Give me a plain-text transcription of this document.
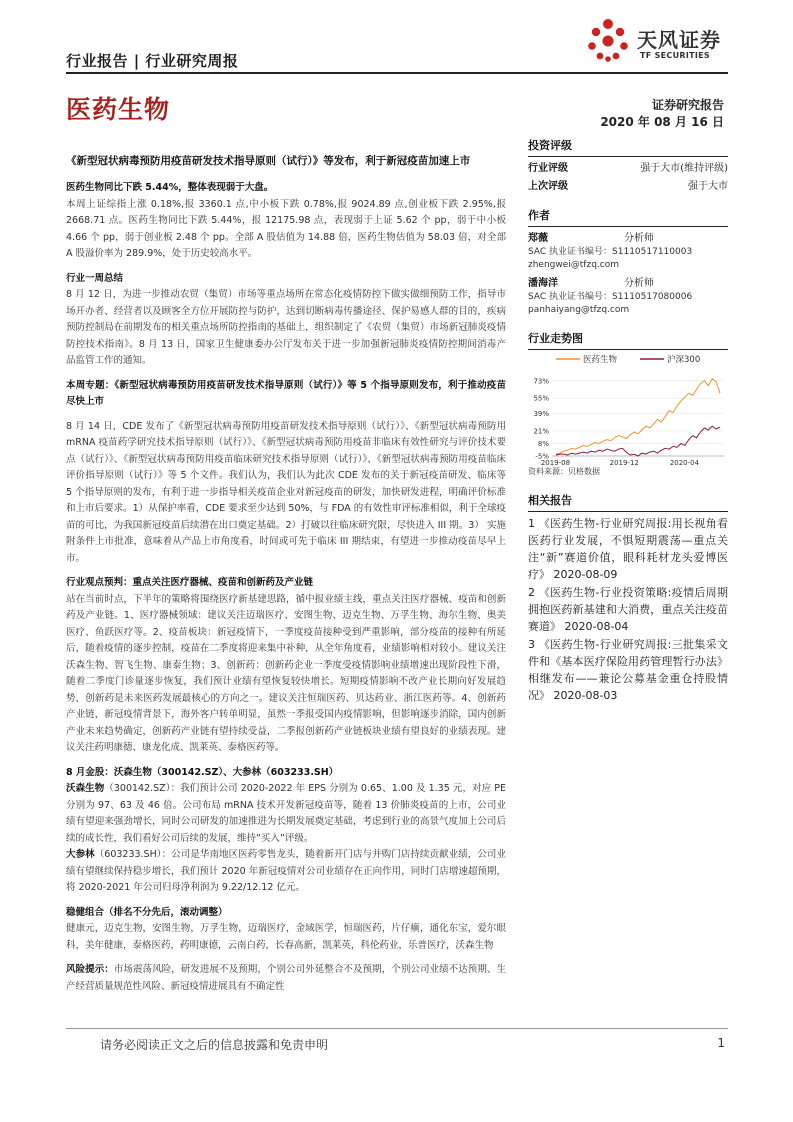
行业报告 | 行业研究周报
天风证券
TF SECURITIES
医药生物	证券研究报告
2020 年 08 月 16 日
《新型冠状病毒预防用疫苗研发技术指导原则（试行）》等发布，利于新冠疫苗加速上市

医药生物同比下跌 5.44%，整体表现弱于大盘。
本周上证综指上涨 0.18%,报 3360.1 点,中小板下跌 0.78%,报 9024.89 点,创业板下跌 2.95%,报 2668.71 点。医药生物同比下跌 5.44%，报 12175.98 点，表现弱于上证 5.62 个 pp，弱于中小板 4.66 个 pp，弱于创业板 2.48 个 pp。全部 A 股估值为 14.88 倍，医药生物估值为 58.03 倍，对全部 A 股溢价率为 289.9%，处于历史较高水平。

行业一周总结
8 月 12 日，为进一步推动农贸（集贸）市场等重点场所在常态化疫情防控下做实做细预防工作，指导市场开办者、经营者以及顾客全方位开展防控与防护，达到切断病毒传播途径、保护易感人群的目的，疾病预防控制局在前期发布的相关重点场所防控指南的基础上，组织制定了《农贸（集贸）市场新冠肺炎疫情防控技术指南》。8 月 13 日，国家卫生健康委办公厅发布关于进一步加强新冠肺炎疫情防控期间消毒产品监管工作的通知。

本周专题：《新型冠状病毒预防用疫苗研发技术指导原则（试行）》等 5 个指导原则发布，利于推动疫苗尽快上市

8 月 14 日，CDE 发布了《新型冠状病毒预防用疫苗研发技术指导原则（试行）》、《新型冠状病毒预防用 mRNA 疫苗药学研究技术指导原则（试行）》、《新型冠状病毒预防用疫苗非临床有效性研究与评价技术要点（试行）》、《新型冠状病毒预防用疫苗临床研究技术指导原则（试行）》、《新型冠状病毒预防用疫苗临床评价指导原则（试行）》等 5 个文件。我们认为，我们认为此次 CDE 发布的关于新冠疫苗研发、临床等 5 个指导原则的发布，有利于进一步指导相关疫苗企业对新冠疫苗的研发，加快研发进程，明确评价标准和上市后要求。1）从保护率看，CDE 要求至少达到 50%，与 FDA 的有效性审评标准相似，利于全球疫苗的可比，为我国新冠疫苗后续潜在出口奠定基础。2）打破以往临床研究限，尽快进入 III 期。3） 实施附条件上市批准，意味着从产品上市角度看，时间或可先于临床 III 期结束，有望进一步推动疫苗尽早上市。

行业观点预判：重点关注医疗器械、疫苗和创新药及产业链
站在当前时点，下半年的策略将围绕医疗新基建思路，循中报业绩主线，重点关注医疗器械、疫苗和创新药及产业链。1、医疗器械领域：建议关注迈瑞医疗、安图生物、迈克生物、万孚生物、海尔生物、奥美医疗、鱼跃医疗等。2、疫苗板块：新冠疫情下，一季度疫苗接种受到严重影响，部分疫苗的接种有所延后，随着疫情的逐步控制，疫苗在二季度将迎来集中补种，从全年角度看，业绩影响相对较小。建议关注沃森生物、智飞生物、康泰生物；3、创新药：创新药企业一季度受疫情影响业绩增速出现阶段性下滑，随着二季度门诊量逐步恢复，我们预计业绩有望恢复较快增长。短期疫情影响不改产业长期向好发展趋势，创新药是未来医药发展最核心的方向之一。建议关注恒瑞医药、贝达药业、浙江医药等。4、创新药产业链，新冠疫情背景下，海外客户转单明显，虽然一季报受国内疫情影响，但影响逐步消除，国内创新产业未来趋势确定，创新药产业链有望持续受益，二季报创新药产业链板块业绩有望良好的业绩表现。建议关注药明康德、康龙化成、凯莱英、泰格医药等。

8 月金股：沃森生物（300142.SZ）、大参林（603233.SH）
沃森生物（300142.SZ）：我们预计公司 2020-2022 年 EPS 分别为 0.65、1.00 及 1.35 元，对应 PE 分别为 97、63 及 46 倍。公司布局 mRNA 技术开发新冠疫苗等，随着 13 价肺炎疫苗的上市，公司业绩有望迎来强劲增长，同时公司研发的加速推进为长期发展奠定基础，考虑到行业的高景气度加上公司后续的成长性，我们看好公司后续的发展，维持“买入”评级。
大参林（603233.SH）：公司是华南地区医药零售龙头，随着新开门店与并购门店持续贡献业绩，公司业绩有望继续保持稳步增长，我们预计 2020 年新冠疫情对公司业绩存在正向作用，同时门店增速超预期，将 2020-2021 年公司归母净利润为 9.22/12.12 亿元。

稳健组合（排名不分先后，滚动调整）
健康元，迈克生物，安图生物，万孚生物，迈瑞医疗，金域医学，恒瑞医药，片仔癀，通化东宝，爱尔眼科，美年健康，泰格医药，药明康德，云南白药，长春高新，凯莱英，科伦药业，乐普医疗，沃森生物

风险提示：市场震荡风险，研发进展不及预期，个别公司外延整合不及预期，个别公司业绩不达预期、生产经营质量规范性风险、新冠疫情进展具有不确定性

投资评级
行业评级	强于大市(维持评级)
上次评级	强于大市
作者
郑薇	分析师
SAC 执业证书编号：S1110517110003
zhengwei@tfzq.com
潘海洋	分析师
SAC 执业证书编号：S1110517080006
panhaiyang@tfzq.com
行业走势图
医药生物	沪深300
73%
55%
39%
21%
8%
-5%
2019-08	2019-12	2020-04
资料来源：贝格数据
相关报告
1 《医药生物-行业研究周报:用长视角看医药行业发展，不惧短期震荡—重点关注“新”赛道价值，眼科耗材龙头爱博医疗》 2020-08-09
2 《医药生物-行业投资策略:疫情后周期拥抱医药新基建和大消费，重点关注疫苗赛道》 2020-08-04
3 《医药生物-行业研究周报:三批集采文件和《基本医疗保险用药管理暂行办法》相继发布——兼论公募基金重仓持股情况》 2020-08-03
请务必阅读正文之后的信息披露和免责申明	1
